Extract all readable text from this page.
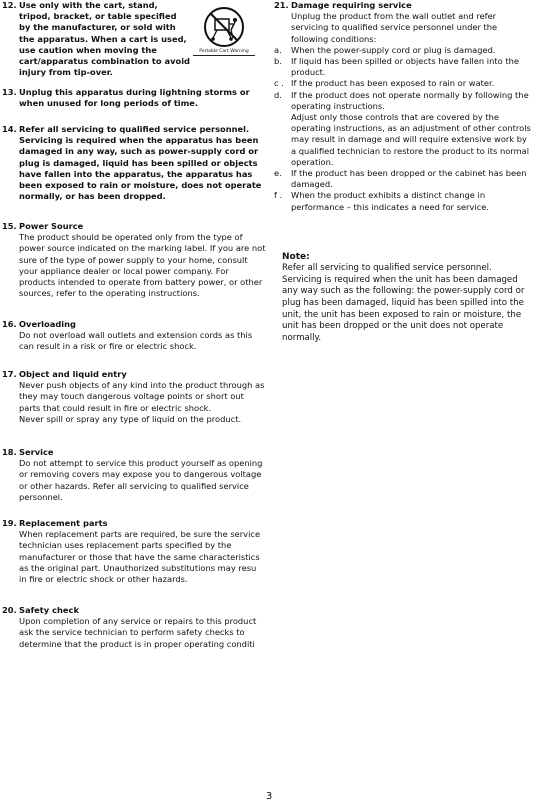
12. Use only with the cart, stand, tripod, bracket, or table specified by the manufacturer, or sold with the apparatus. When a cart is used, use caution when moving the cart/apparatus combination to avoid injury from tip-over.
Portable Cart Warning
13. Unplug this apparatus during lightning storms or when unused for long periods of time.
14. Refer all servicing to qualified service personnel. Servicing is required when the apparatus has been damaged in any way, such as power-supply cord or plug is damaged, liquid has been spilled or objects have fallen into the apparatus, the apparatus has been exposed to rain or moisture, does not operate normally, or has been dropped.
15. Power Source
The product should be operated only from the type of power source indicated on the marking label. If you are not sure of the type of power supply to your home, consult your appliance dealer or local power company. For products intended to operate from battery power, or other sources, refer to the operating instructions.
16. Overloading
Do not overload wall outlets and extension cords as this can result in a risk or fire or electric shock.
17. Object and liquid entry
Never push objects of any kind into the product through as they may touch dangerous voltage points or short out parts that could result in fire or electric shock.
Never spill or spray any type of liquid on the product.
18. Service
Do not attempt to service this product yourself as opening or removing covers may expose you to dangerous voltage or other hazards. Refer all servicing to qualified service personnel.
19. Replacement parts
When replacement parts are required, be sure the service technician uses replacement parts specified by the manufacturer or those that have the same characteristics as the original part. Unauthorized substitutions may resu in fire or electric shock or other hazards.
20. Safety check
Upon completion of any service or repairs to this product ask the service technician to perform safety checks to determine that the product is in proper operating conditi
21. Damage requiring service
Unplug the product from the wall outlet and refer servicing to qualified service personnel under the following conditions:
a. When the power-supply cord or plug is damaged.
b. If liquid has been spilled or objects have fallen into the product.
c . If the product has been exposed to rain or water.
d. If the product does not operate normally by following the operating instructions.
Adjust only those controls that are covered by the operating instructions, as an adjustment of other controls may result in damage and will require extensive work by a qualified technician to restore the product to its normal operation.
e. If the product has been dropped or the cabinet has been damaged.
f . When the product exhibits a distinct change in performance – this indicates a need for service.
Note:
Refer all servicing to qualified service personnel. Servicing is required when the unit has been damaged any way such as the following: the power-supply cord or plug has been damaged, liquid has been spilled into the unit, the unit has been exposed to rain or moisture, the unit has been dropped or the unit does not operate normally.
3
